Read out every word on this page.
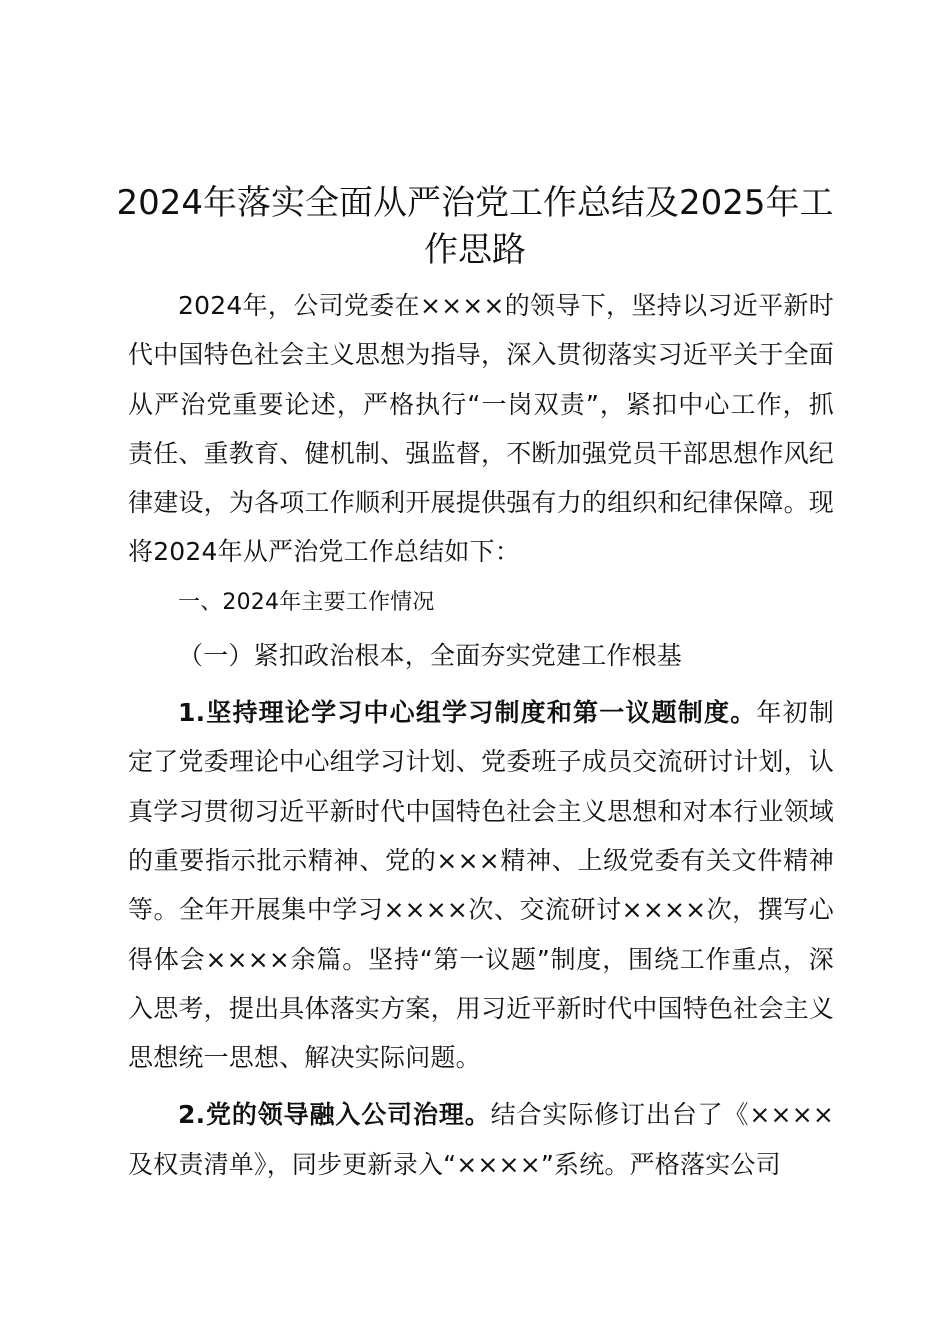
2024年落实全面从严治党工作总结及2025年工作思路

2024年，公司党委在××××的领导下，坚持以习近平新时代中国特色社会主义思想为指导，深入贯彻落实习近平关于全面从严治党重要论述，严格执行“一岗双责”，紧扣中心工作，抓责任、重教育、健机制、强监督，不断加强党员干部思想作风纪律建设，为各项工作顺利开展提供强有力的组织和纪律保障。现将2024年从严治党工作总结如下：

一、2024年主要工作情况

（一）紧扣政治根本，全面夯实党建工作根基

1.坚持理论学习中心组学习制度和第一议题制度。年初制定了党委理论中心组学习计划、党委班子成员交流研讨计划，认真学习贯彻习近平新时代中国特色社会主义思想和对本行业领域的重要指示批示精神、党的×××精神、上级党委有关文件精神等。全年开展集中学习××××次、交流研讨××××次，撰写心得体会××××余篇。坚持“第一议题”制度，围绕工作重点，深入思考，提出具体落实方案，用习近平新时代中国特色社会主义思想统一思想、解决实际问题。

2.党的领导融入公司治理。结合实际修订出台了《××××及权责清单》，同步更新录入“××××”系统。严格落实公司
